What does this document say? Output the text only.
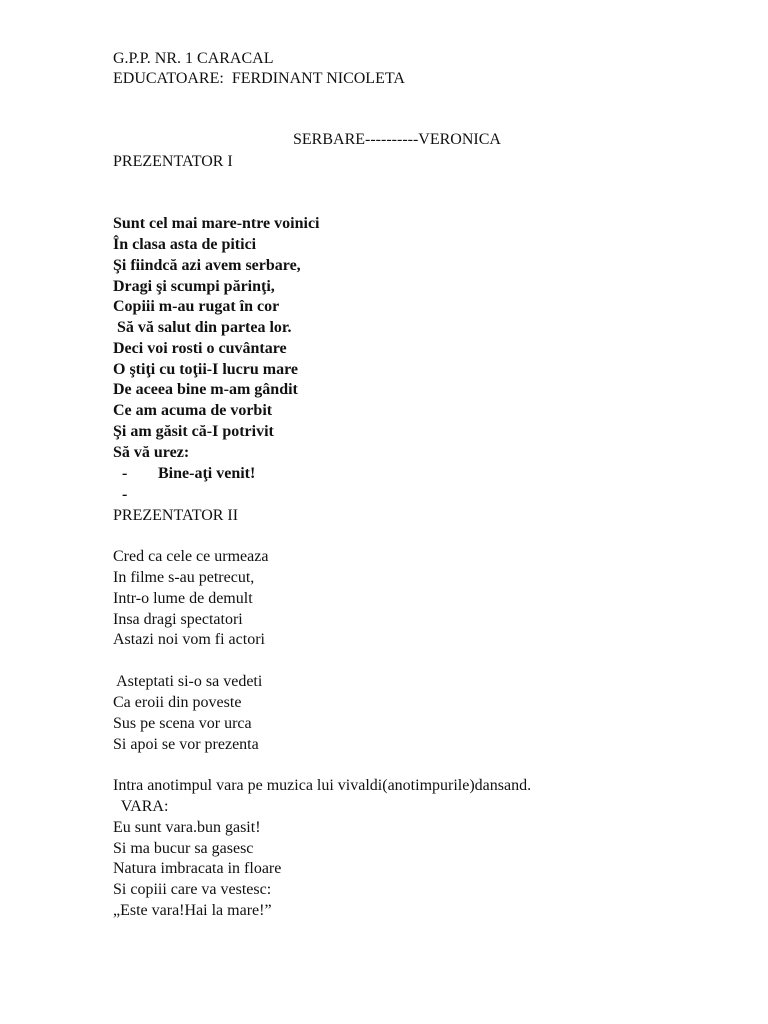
G.P.P. NR. 1 CARACAL
EDUCATOARE:  FERDINANT NICOLETA
SERBARE----------VERONICA
PREZENTATOR I
Sunt cel mai mare-ntre voinici
În clasa asta de pitici
Şi fiindcă azi avem serbare,
Dragi şi scumpi părinţi,
Copiii m-au rugat în cor
Să vă salut din partea lor.
Deci voi rosti o cuvântare
O ştiţi cu toţii-I lucru mare
De aceea bine m-am gândit
Ce am acuma de vorbit
Şi am găsit că-I potrivit
Să vă urez:
- Bine-aţi venit!
-
PREZENTATOR II
Cred ca cele ce urmeaza
In filme s-au petrecut,
Intr-o lume de demult
Insa dragi spectatori
Astazi noi vom fi actori
Asteptati si-o sa vedeti
Ca eroii din poveste
Sus pe scena vor urca
Si apoi se vor prezenta
Intra anotimpul vara pe muzica lui vivaldi(anotimpurile)dansand.
VARA:
Eu sunt vara.bun gasit!
Si ma bucur sa gasesc
Natura imbracata in floare
Si copiii care va vestesc:
„Este vara!Hai la mare!”
